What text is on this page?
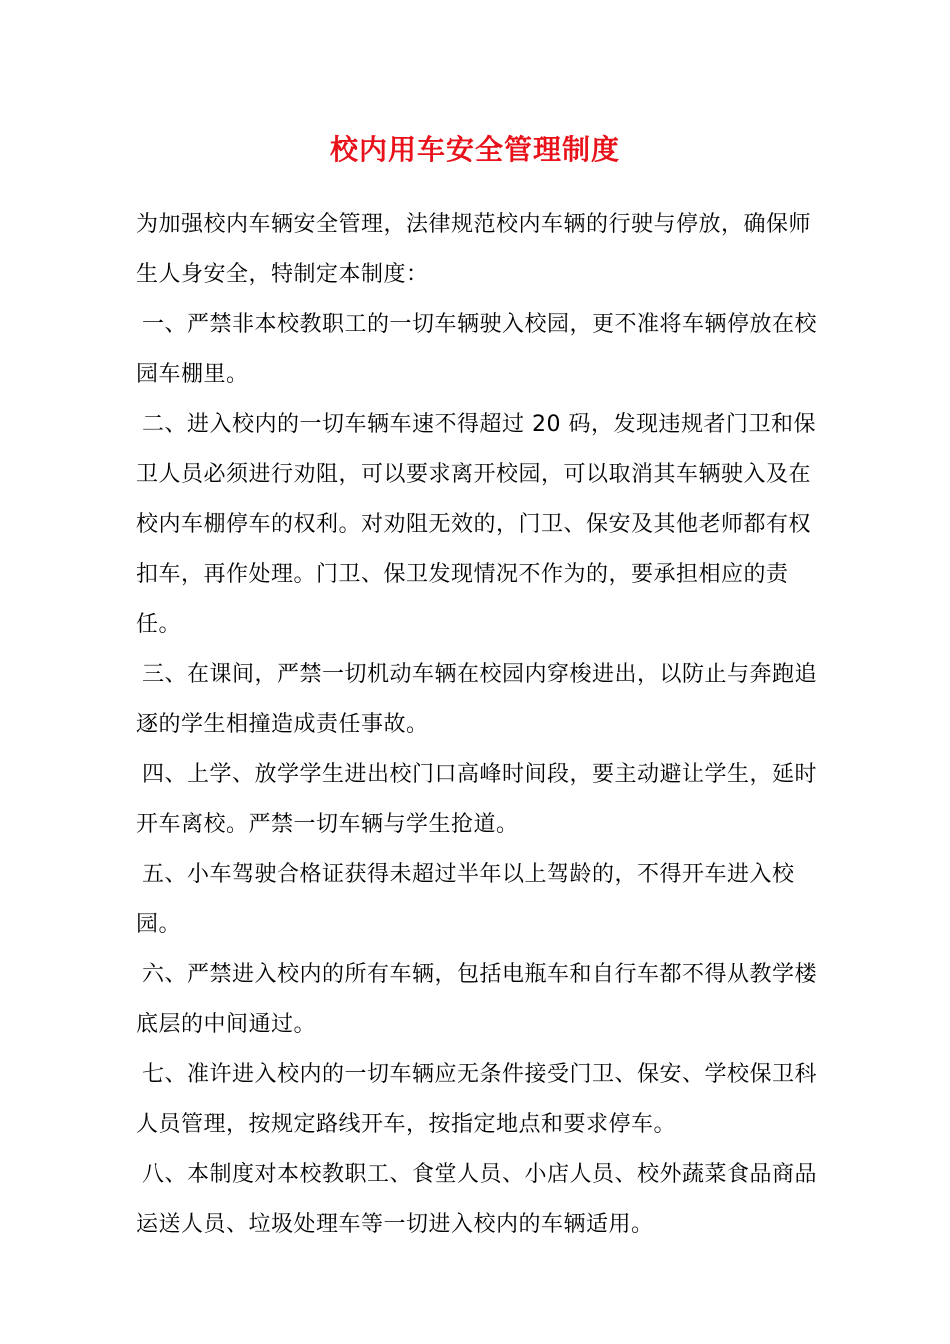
校内用车安全管理制度

为加强校内车辆安全管理，法律规范校内车辆的行驶与停放，确保师生人身安全，特制定本制度：

一、严禁非本校教职工的一切车辆驶入校园，更不准将车辆停放在校园车棚里。

二、进入校内的一切车辆车速不得超过 20 码，发现违规者门卫和保卫人员必须进行劝阻，可以要求离开校园，可以取消其车辆驶入及在校内车棚停车的权利。对劝阻无效的，门卫、保安及其他老师都有权扣车，再作处理。门卫、保卫发现情况不作为的，要承担相应的责任。

三、在课间，严禁一切机动车辆在校园内穿梭进出，以防止与奔跑追逐的学生相撞造成责任事故。

四、上学、放学学生进出校门口高峰时间段，要主动避让学生，延时开车离校。严禁一切车辆与学生抢道。

五、小车驾驶合格证获得未超过半年以上驾龄的，不得开车进入校园。

六、严禁进入校内的所有车辆，包括电瓶车和自行车都不得从教学楼底层的中间通过。

七、准许进入校内的一切车辆应无条件接受门卫、保安、学校保卫科人员管理，按规定路线开车，按指定地点和要求停车。

八、本制度对本校教职工、食堂人员、小店人员、校外蔬菜食品商品运送人员、垃圾处理车等一切进入校内的车辆适用。
